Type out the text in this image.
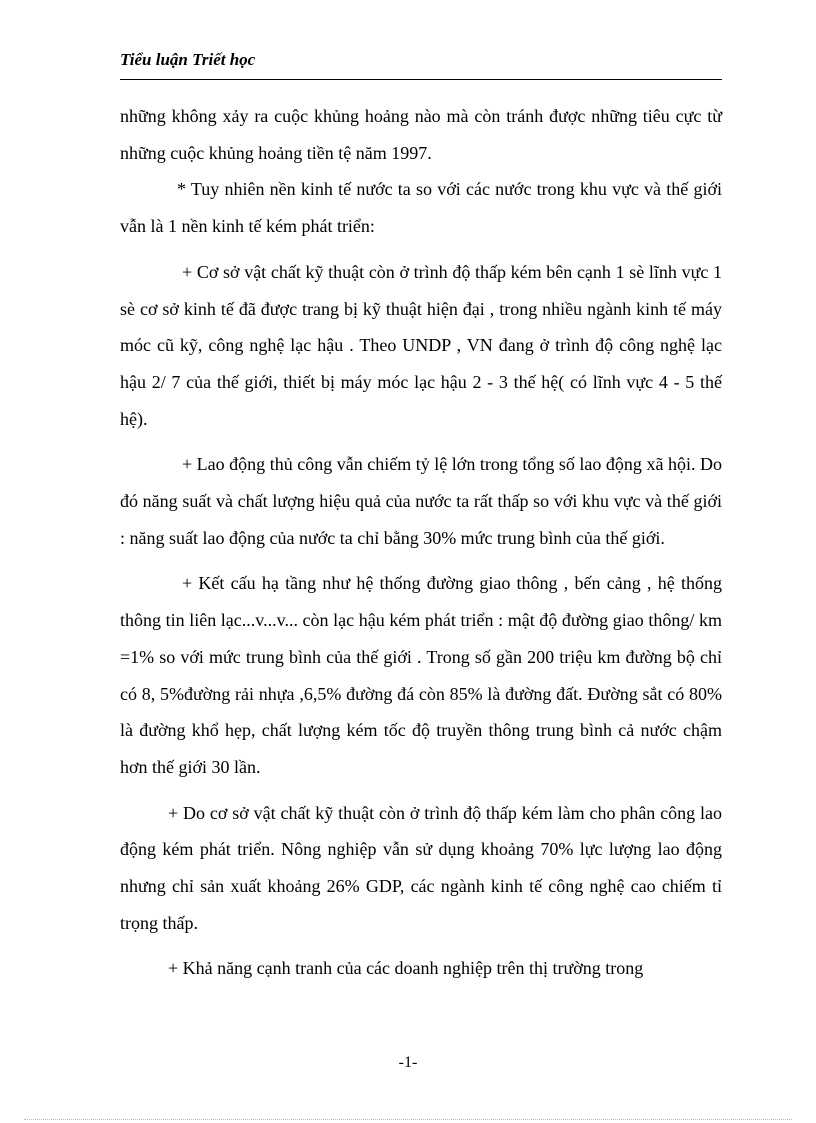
Tiểu luận Triết học

những không xảy ra cuộc khủng hoảng nào mà còn tránh được những tiêu cực từ những cuộc khủng hoảng tiền tệ năm 1997.

* Tuy nhiên nền kinh tế nước ta so với các nước trong khu vực và thế giới vẫn là 1 nền kinh tế kém phát triển:

+ Cơ sở vật chất kỹ thuật còn ở trình độ thấp kém bên cạnh 1 sè lĩnh vực 1 sè cơ sở kinh tế đã được trang bị kỹ thuật hiện đại , trong nhiều ngành kinh tế máy móc cũ kỹ, công nghệ lạc hậu . Theo UNDP , VN đang ở trình độ công nghệ lạc hậu 2/ 7 của thế giới, thiết bị máy móc lạc hậu 2 - 3 thế hệ( có lĩnh vực 4 - 5 thế hệ).

+ Lao động thủ công vẫn chiếm tỷ lệ lớn trong tổng số lao động xã hội. Do đó năng suất và chất lượng hiệu quả của nước ta rất thấp so với khu vực và thế giới : năng suất lao động của nước ta chỉ bằng 30% mức trung bình của thế giới.

+ Kết cấu hạ tầng như hệ thống đường giao thông , bến cảng , hệ thống thông tin liên lạc...v...v... còn lạc hậu kém phát triển : mật độ đường giao thông/ km =1% so với mức trung bình của thế giới . Trong số gần 200 triệu km đường bộ chỉ có 8, 5%đường rải nhựa ,6,5% đường đá còn 85% là đường đất. Đường sắt có 80% là đường khổ hẹp, chất lượng kém tốc độ truyền thông trung bình cả nước chậm hơn thế giới 30 lần.

+ Do cơ sở vật chất kỹ thuật còn ở trình độ thấp kém làm cho phân công lao động kém phát triển. Nông nghiệp vẫn sử dụng khoảng 70% lực lượng lao động nhưng chỉ sản xuất khoảng 26% GDP, các ngành kinh tế công nghệ cao chiếm tỉ trọng thấp.

+ Khả năng cạnh tranh của các doanh nghiệp trên thị trường trong

-1-
